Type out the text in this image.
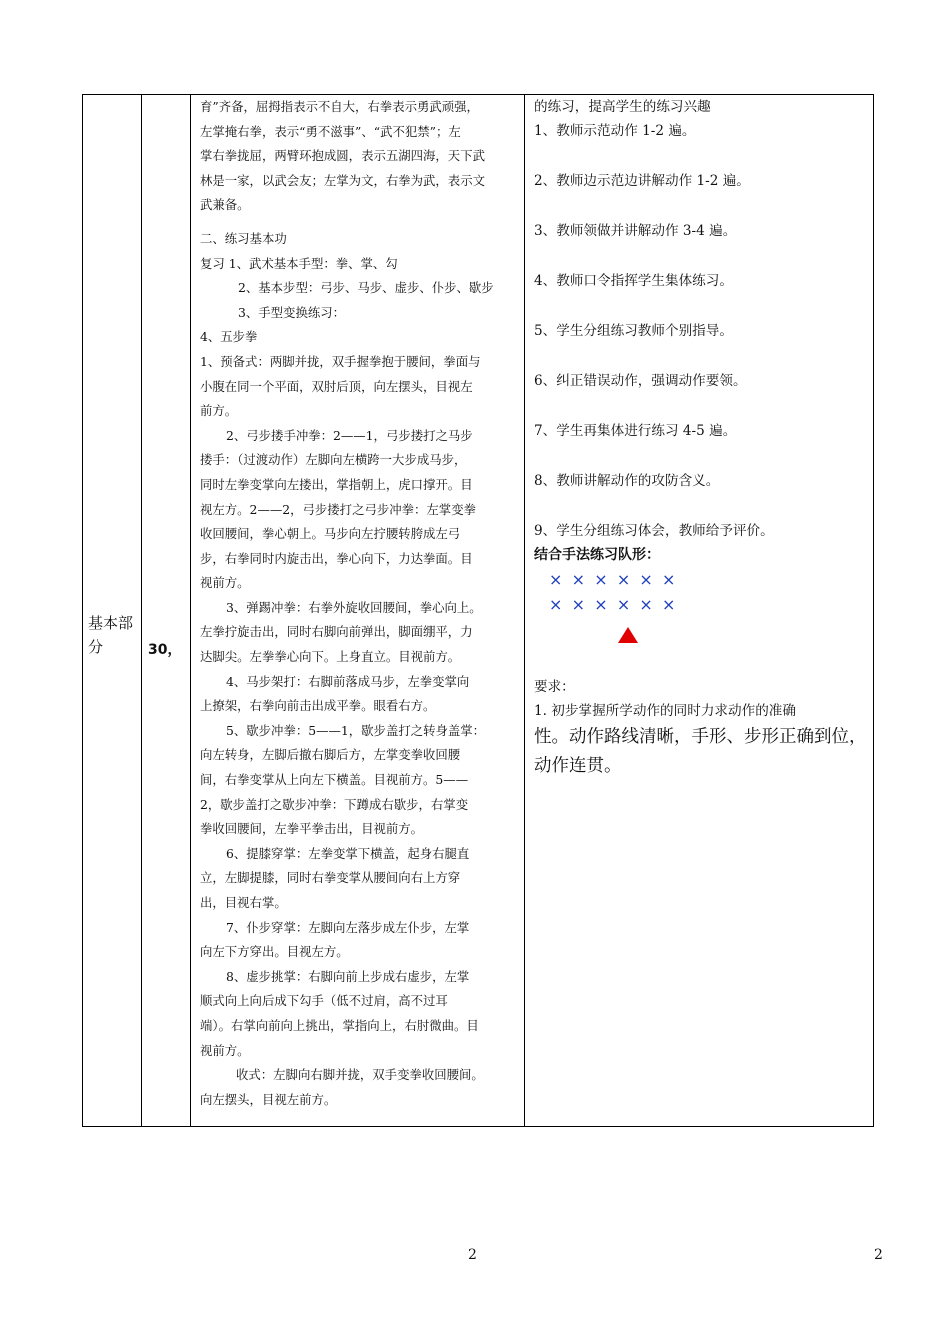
基本部分	30，

育”齐备，屈拇指表示不自大，右拳表示勇武顽强，

左掌掩右拳，表示“勇不滋事”、“武不犯禁”；左

掌右拳拢屈，两臂环抱成圆，表示五湖四海，天下武

林是一家，以武会友；左掌为文，右拳为武，表示文

武兼备。

二、练习基本功

复习 1、武术基本手型：拳、掌、勾

2、基本步型：弓步、马步、虚步、仆步、歇步

3、手型变换练习：

4、五步拳

1、预备式：两脚并拢，双手握拳抱于腰间，拳面与

小腹在同一个平面，双肘后顶，向左摆头，目视左

前方。

2、弓步搂手冲拳：2——1，弓步搂打之马步

搂手：（过渡动作）左脚向左横跨一大步成马步，

同时左拳变掌向左搂出，掌指朝上，虎口撑开。目

视左方。2——2，弓步搂打之弓步冲拳：左掌变拳

收回腰间，拳心朝上。马步向左拧腰转胯成左弓

步，右拳同时内旋击出，拳心向下，力达拳面。目

视前方。

3、弹踢冲拳：右拳外旋收回腰间，拳心向上。

左拳拧旋击出，同时右脚向前弹出，脚面绷平，力

达脚尖。左拳拳心向下。上身直立。目视前方。

4、马步架打：右脚前落成马步，左拳变掌向

上撩架，右拳向前击出成平拳。眼看右方。

5、歇步冲拳：5——1，歇步盖打之转身盖掌：

向左转身，左脚后撤右脚后方，左掌变拳收回腰

间，右拳变掌从上向左下横盖。目视前方。5——

2，歇步盖打之歇步冲拳：下蹲成右歇步，右掌变

拳收回腰间，左拳平拳击出，目视前方。

6、提膝穿掌：左拳变掌下横盖，起身右腿直

立，左脚提膝，同时右拳变掌从腰间向右上方穿

出，目视右掌。

7、仆步穿掌：左脚向左落步成左仆步，左掌

向左下方穿出。目视左方。

8、虚步挑掌：右脚向前上步成右虚步，左掌

顺式向上向后成下勾手（低不过肩，高不过耳

端）。右掌向前向上挑出，掌指向上，右肘微曲。目

视前方。

收式：左脚向右脚并拢，双手变拳收回腰间。

向左摆头，目视左前方。

的练习，提高学生的练习兴趣

1、教师示范动作 1-2 遍。

2、教师边示范边讲解动作 1-2 遍。

3、教师领做并讲解动作 3-4 遍。

4、教师口令指挥学生集体练习。

5、学生分组练习教师个别指导。

6、纠正错误动作，强调动作要领。

7、学生再集体进行练习 4-5 遍。

8、教师讲解动作的攻防含义。

9、学生分组练习体会，教师给予评价。

结合手法练习队形：

××××××

××××××

要求：

1. 初步掌握所学动作的同时力求动作的准确

性。动作路线清晰，手形、步形正确到位，

动作连贯。

2	2
